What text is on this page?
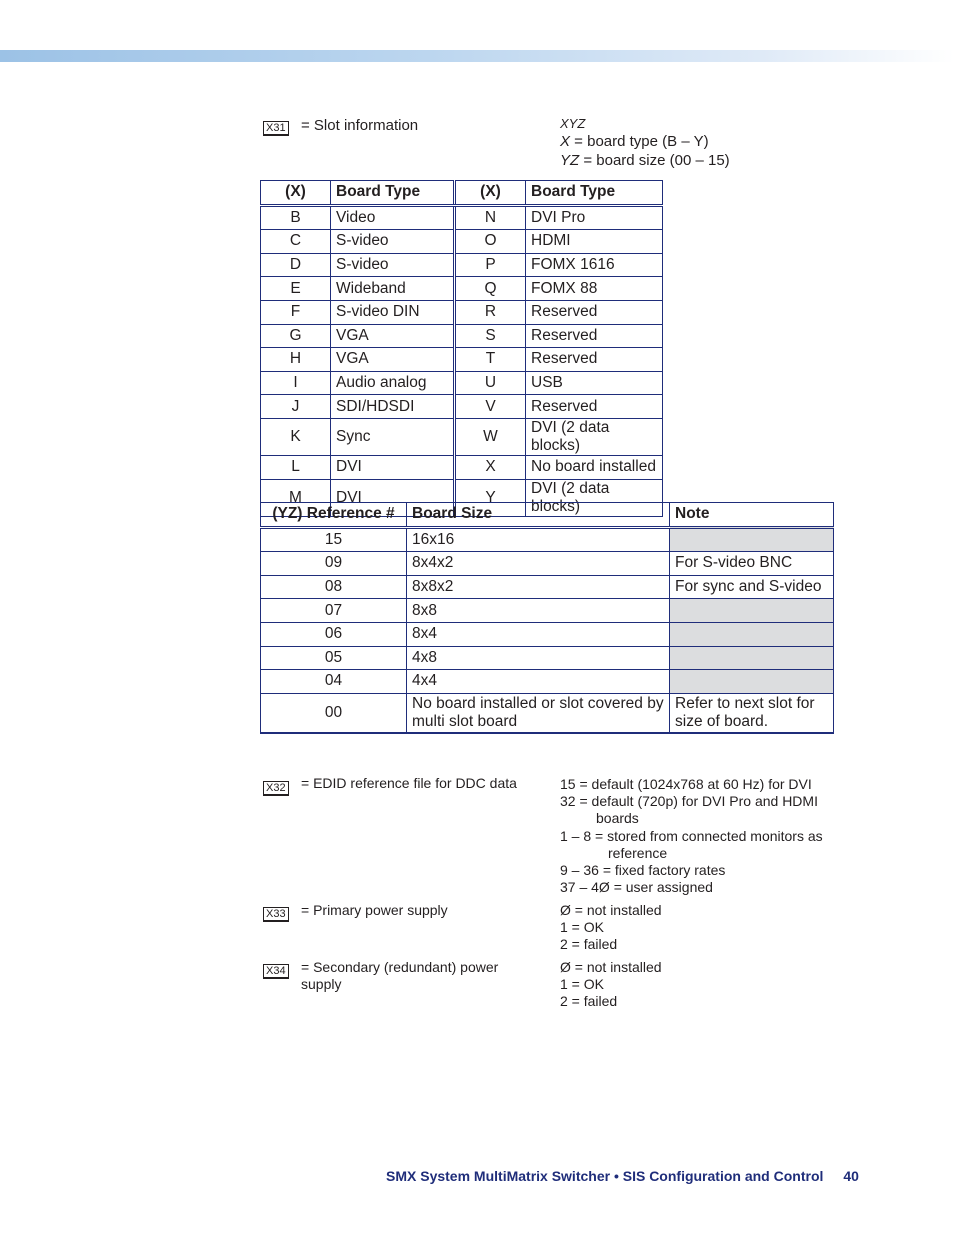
X31 = Slot information	XYZ
X = board type (B – Y)
YZ = board size (00 – 15)
(X)	Board Type	(X)	Board Type
B	Video	N	DVI Pro
C	S-video	O	HDMI
D	S-video	P	FOMX 1616
E	Wideband	Q	FOMX 88
F	S-video DIN	R	Reserved
G	VGA	S	Reserved
H	VGA	T	Reserved
I	Audio analog	U	USB
J	SDI/HDSDI	V	Reserved
K	Sync	W	DVI (2 data blocks)
L	DVI	X	No board installed
M	DVI	Y	DVI (2 data blocks)
(YZ) Reference #	Board Size	Note
15	16x16	
09	8x4x2	For S-video BNC
08	8x8x2	For sync and S-video
07	8x8	
06	8x4	
05	4x8	
04	4x4	
00	No board installed or slot covered by multi slot board	Refer to next slot for size of board.
X32 = EDID reference file for DDC data	15 = default (1024x768 at 60 Hz) for DVI
32 = default (720p) for DVI Pro and HDMI
boards
1 – 8 = stored from connected monitors as
reference
9 – 36 = fixed factory rates
37 – 4Ø = user assigned
X33 = Primary power supply	Ø = not installed
1 = OK
2 = failed
X34 = Secondary (redundant) power supply
Ø = not installed
1 = OK
2 = failed
SMX System MultiMatrix Switcher • SIS Configuration and Control 40
